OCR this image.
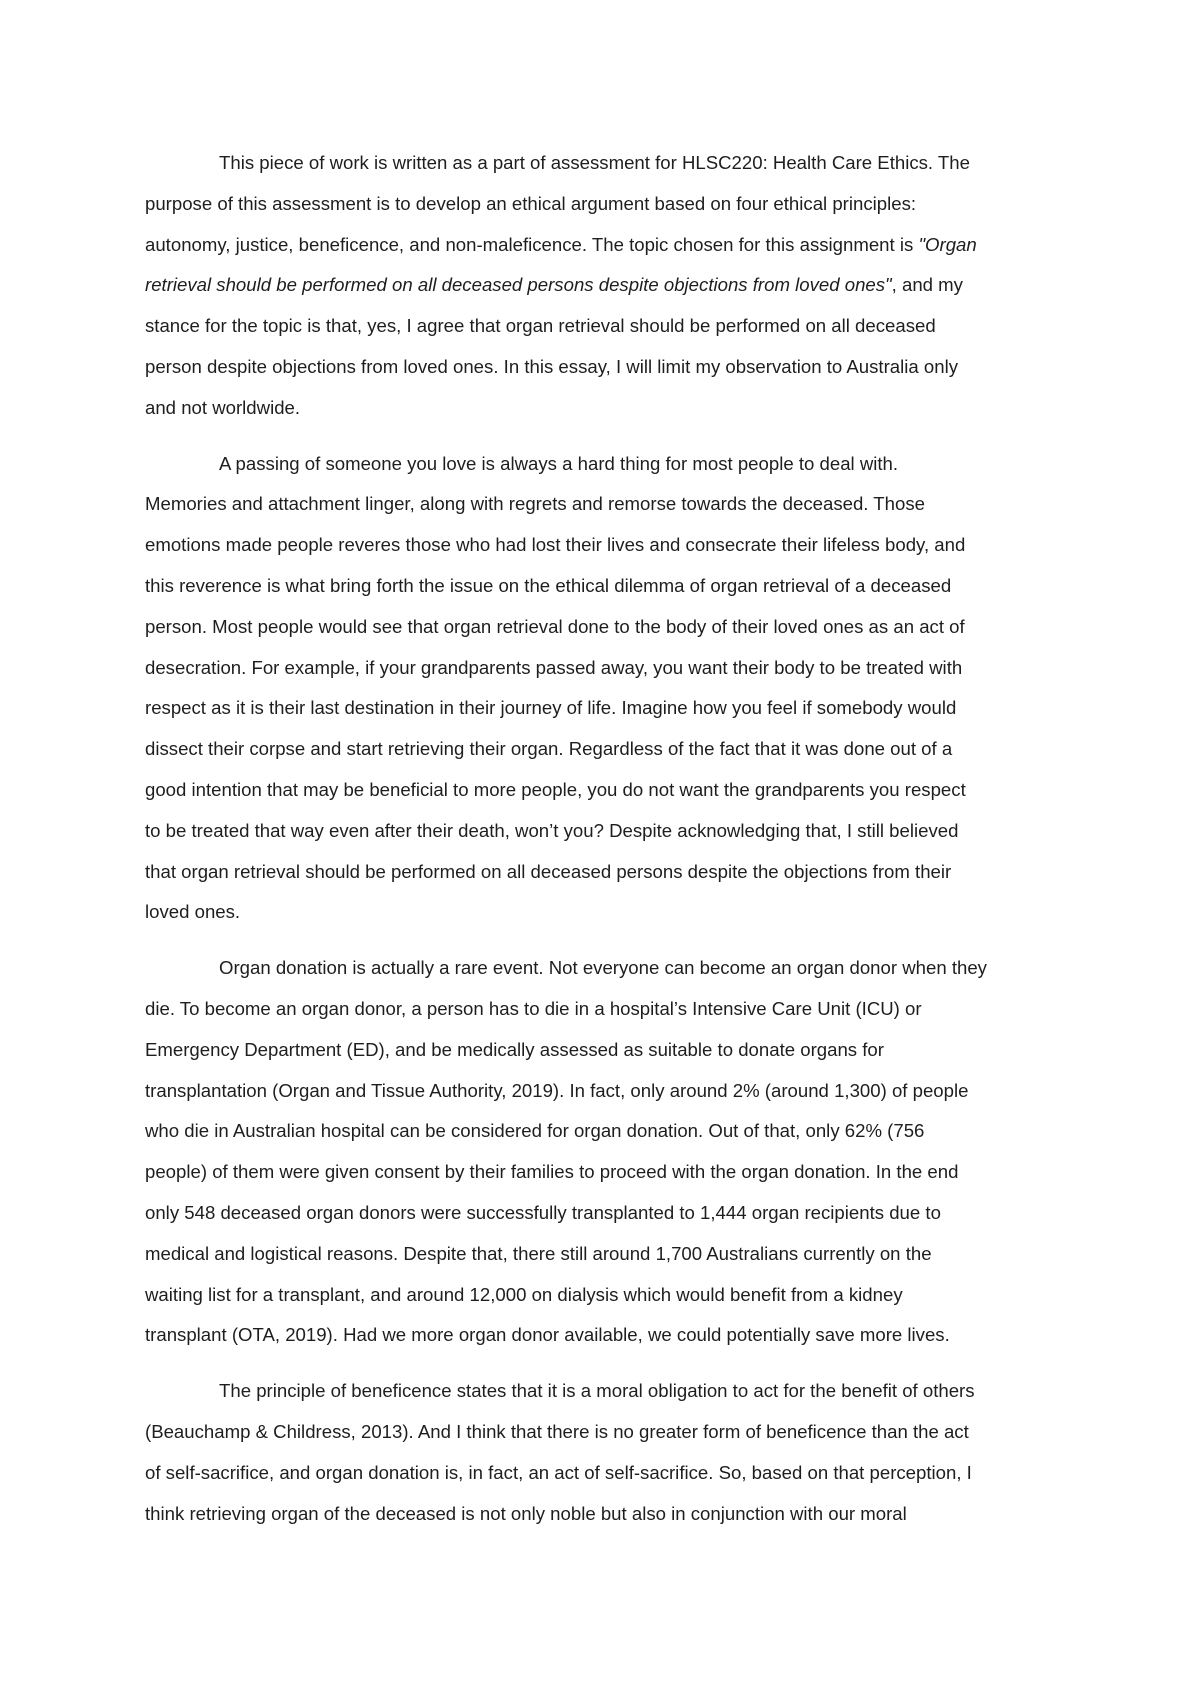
This piece of work is written as a part of assessment for HLSC220: Health Care Ethics. The
purpose of this assessment is to develop an ethical argument based on four ethical principles:
autonomy, justice, beneficence, and non-maleficence. The topic chosen for this assignment is "Organ
retrieval should be performed on all deceased persons despite objections from loved ones", and my
stance for the topic is that, yes, I agree that organ retrieval should be performed on all deceased
person despite objections from loved ones. In this essay, I will limit my observation to Australia only
and not worldwide.
A passing of someone you love is always a hard thing for most people to deal with.
Memories and attachment linger, along with regrets and remorse towards the deceased. Those
emotions made people reveres those who had lost their lives and consecrate their lifeless body, and
this reverence is what bring forth the issue on the ethical dilemma of organ retrieval of a deceased
person. Most people would see that organ retrieval done to the body of their loved ones as an act of
desecration. For example, if your grandparents passed away, you want their body to be treated with
respect as it is their last destination in their journey of life. Imagine how you feel if somebody would
dissect their corpse and start retrieving their organ. Regardless of the fact that it was done out of a
good intention that may be beneficial to more people, you do not want the grandparents you respect
to be treated that way even after their death, won’t you? Despite acknowledging that, I still believed
that organ retrieval should be performed on all deceased persons despite the objections from their
loved ones.
Organ donation is actually a rare event. Not everyone can become an organ donor when they
die. To become an organ donor, a person has to die in a hospital’s Intensive Care Unit (ICU) or
Emergency Department (ED), and be medically assessed as suitable to donate organs for
transplantation (Organ and Tissue Authority, 2019). In fact, only around 2% (around 1,300) of people
who die in Australian hospital can be considered for organ donation. Out of that, only 62% (756
people) of them were given consent by their families to proceed with the organ donation. In the end
only 548 deceased organ donors were successfully transplanted to 1,444 organ recipients due to
medical and logistical reasons. Despite that, there still around 1,700 Australians currently on the
waiting list for a transplant, and around 12,000 on dialysis which would benefit from a kidney
transplant (OTA, 2019). Had we more organ donor available, we could potentially save more lives.
The principle of beneficence states that it is a moral obligation to act for the benefit of others
(Beauchamp & Childress, 2013). And I think that there is no greater form of beneficence than the act
of self-sacrifice, and organ donation is, in fact, an act of self-sacrifice. So, based on that perception, I
think retrieving organ of the deceased is not only noble but also in conjunction with our moral
